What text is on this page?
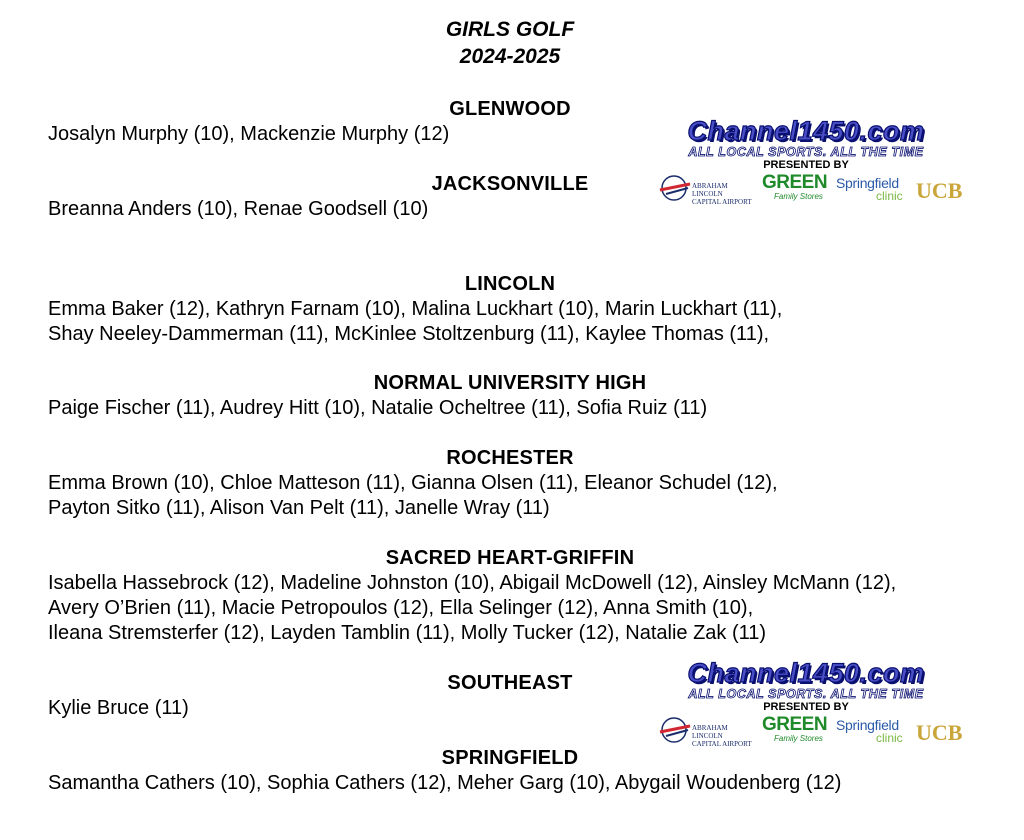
GIRLS GOLF
2024-2025
GLENWOOD
Josalyn Murphy (10), Mackenzie Murphy (12)
JACKSONVILLE
Breanna Anders (10), Renae Goodsell (10)
LINCOLN
Emma Baker (12), Kathryn Farnam (10), Malina Luckhart (10), Marin Luckhart (11),
Shay Neeley-Dammerman (11), McKinlee Stoltzenburg (11), Kaylee Thomas (11),
NORMAL UNIVERSITY HIGH
Paige Fischer (11), Audrey Hitt (10), Natalie Ocheltree (11), Sofia Ruiz (11)
ROCHESTER
Emma Brown (10), Chloe Matteson (11), Gianna Olsen (11), Eleanor Schudel (12),
Payton Sitko (11), Alison Van Pelt (11), Janelle Wray (11)
SACRED HEART-GRIFFIN
Isabella Hassebrock (12), Madeline Johnston (10), Abigail McDowell (12), Ainsley McMann (12),
Avery O’Brien (11), Macie Petropoulos (12), Ella Selinger (12), Anna Smith (10),
Ileana Stremsterfer (12), Layden Tamblin (11), Molly Tucker (12), Natalie Zak (11)
SOUTHEAST
Kylie Bruce (11)
SPRINGFIELD
Samantha Cathers (10), Sophia Cathers (12), Meher Garg (10), Abygail Woudenberg (12)
Channel1450.com
ALL LOCAL SPORTS. ALL THE TIME
PRESENTED BY
ABRAHAM LINCOLN
CAPITAL AIRPORT
GREEN
Family Stores
Springfield
clinic UCB
Channel1450.com
ALL LOCAL SPORTS. ALL THE TIME
PRESENTED BY
ABRAHAM LINCOLN
CAPITAL AIRPORT
GREEN
Family Stores
Springfield
clinic UCB
